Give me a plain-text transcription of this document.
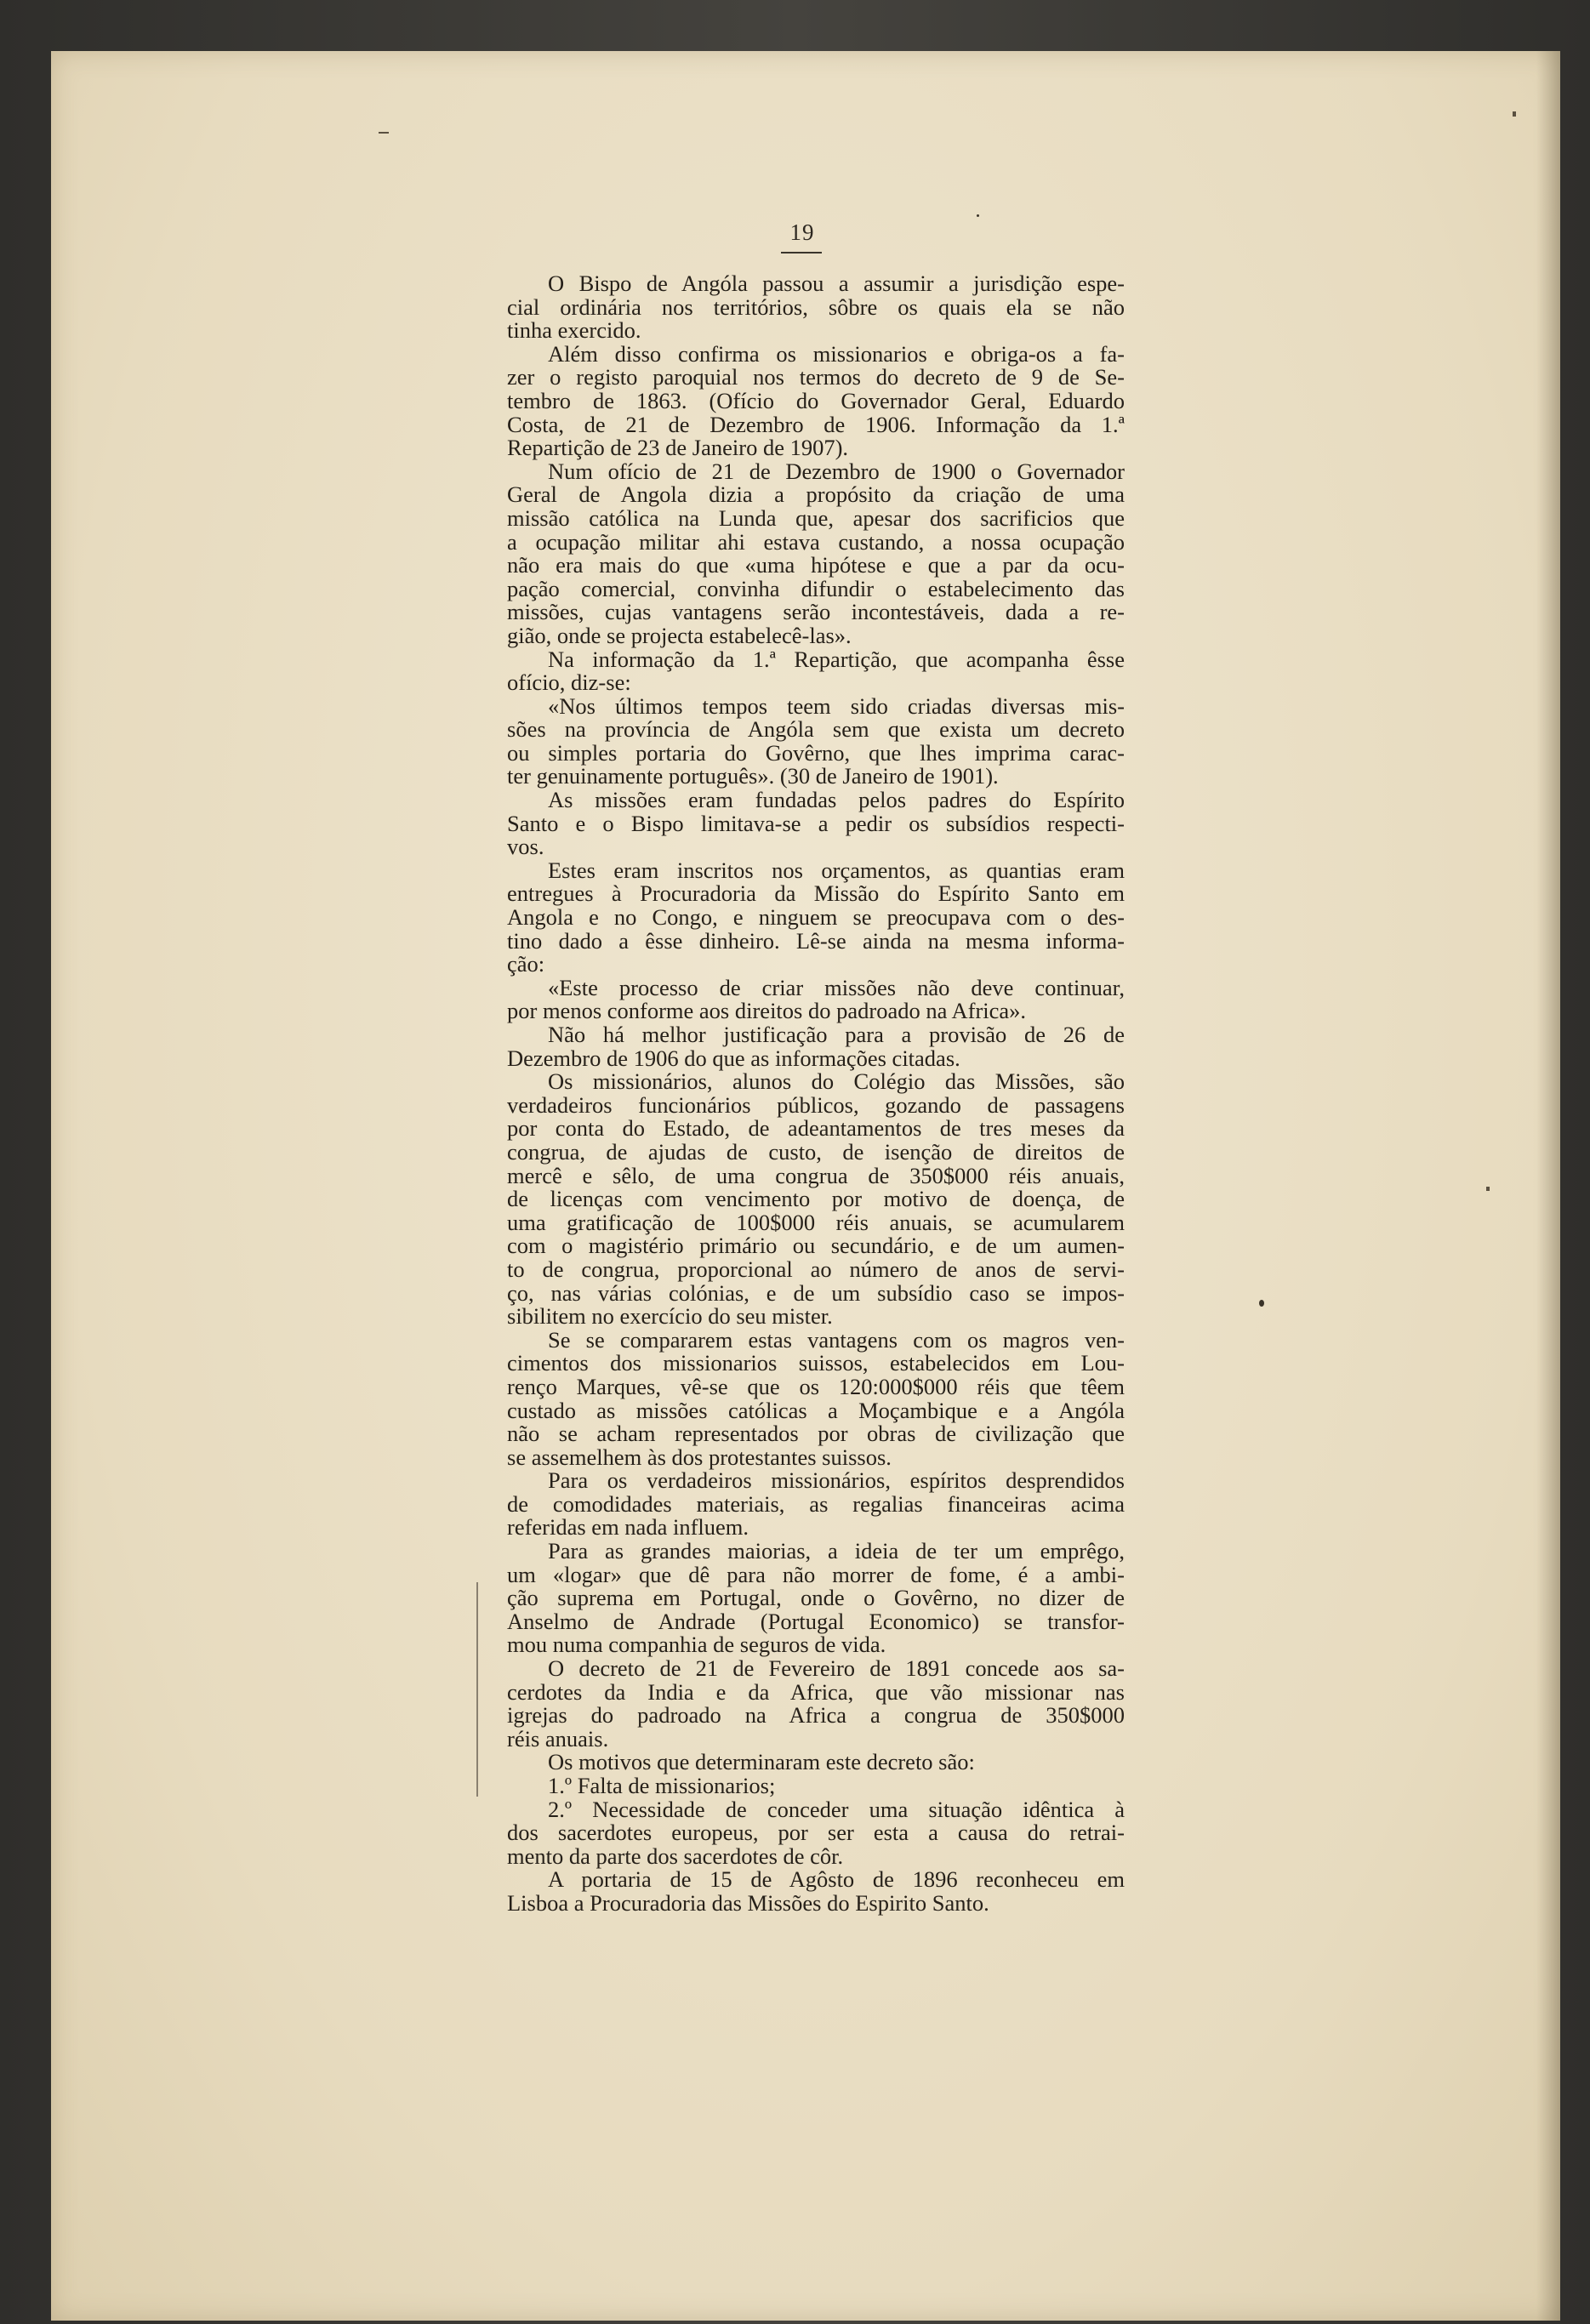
19
O Bispo de Angóla passou a assumir a jurisdição espe-
cial ordinária nos territórios, sôbre os quais ela se não
tinha exercido.
Além disso confirma os missionarios e obriga-os a fa-
zer o registo paroquial nos termos do decreto de 9 de Se-
tembro de 1863. (Ofício do Governador Geral, Eduardo
Costa, de 21 de Dezembro de 1906. Informação da 1.ª
Repartição de 23 de Janeiro de 1907).
Num ofício de 21 de Dezembro de 1900 o Governador
Geral de Angola dizia a propósito da criação de uma
missão católica na Lunda que, apesar dos sacrificios que
a ocupação militar ahi estava custando, a nossa ocupação
não era mais do que «uma hipótese e que a par da ocu-
pação comercial, convinha difundir o estabelecimento das
missões, cujas vantagens serão incontestáveis, dada a re-
gião, onde se projecta estabelecê-las».
Na informação da 1.ª Repartição, que acompanha êsse
ofício, diz-se:
«Nos últimos tempos teem sido criadas diversas mis-
sões na província de Angóla sem que exista um decreto
ou simples portaria do Govêrno, que lhes imprima carac-
ter genuinamente português». (30 de Janeiro de 1901).
As missões eram fundadas pelos padres do Espírito
Santo e o Bispo limitava-se a pedir os subsídios respecti-
vos.
Estes eram inscritos nos orçamentos, as quantias eram
entregues à Procuradoria da Missão do Espírito Santo em
Angola e no Congo, e ninguem se preocupava com o des-
tino dado a êsse dinheiro. Lê-se ainda na mesma informa-
ção:
«Este processo de criar missões não deve continuar,
por menos conforme aos direitos do padroado na Africa».
Não há melhor justificação para a provisão de 26 de
Dezembro de 1906 do que as informações citadas.
Os missionários, alunos do Colégio das Missões, são
verdadeiros funcionários públicos, gozando de passagens
por conta do Estado, de adeantamentos de tres meses da
congrua, de ajudas de custo, de isenção de direitos de
mercê e sêlo, de uma congrua de 350$000 réis anuais,
de licenças com vencimento por motivo de doença, de
uma gratificação de 100$000 réis anuais, se acumularem
com o magistério primário ou secundário, e de um aumen-
to de congrua, proporcional ao número de anos de servi-
ço, nas várias colónias, e de um subsídio caso se impos-
sibilitem no exercício do seu mister.
Se se compararem estas vantagens com os magros ven-
cimentos dos missionarios suissos, estabelecidos em Lou-
renço Marques, vê-se que os 120:000$000 réis que têem
custado as missões católicas a Moçambique e a Angóla
não se acham representados por obras de civilização que
se assemelhem às dos protestantes suissos.
Para os verdadeiros missionários, espíritos desprendidos
de comodidades materiais, as regalias financeiras acima
referidas em nada influem.
Para as grandes maiorias, a ideia de ter um emprêgo,
um «logar» que dê para não morrer de fome, é a ambi-
ção suprema em Portugal, onde o Govêrno, no dizer de
Anselmo de Andrade (Portugal Economico) se transfor-
mou numa companhia de seguros de vida.
O decreto de 21 de Fevereiro de 1891 concede aos sa-
cerdotes da India e da Africa, que vão missionar nas
igrejas do padroado na Africa a congrua de 350$000
réis anuais.
Os motivos que determinaram este decreto são:
1.º Falta de missionarios;
2.º Necessidade de conceder uma situação idêntica à
dos sacerdotes europeus, por ser esta a causa do retrai-
mento da parte dos sacerdotes de côr.
A portaria de 15 de Agôsto de 1896 reconheceu em
Lisboa a Procuradoria das Missões do Espirito Santo.
